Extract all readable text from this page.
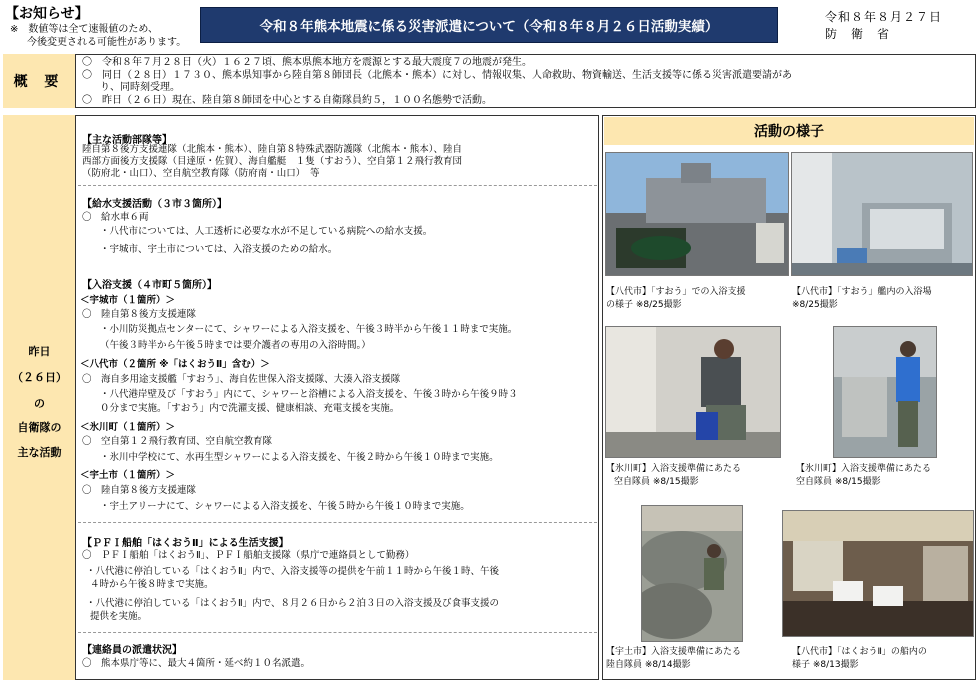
【お知らせ】
※　数値等は全て速報値のため、
今後変更される可能性があります。
令和８年熊本地震に係る災害派遣について（令和８年８月２６日活動実績）
令和８年８月２７日
防　衛　省
概 要
〇　令和８年７月２８日（火）１６２７頃、熊本県熊本地方を震源とする最大震度７の地震が発生。
〇　同日（２８日）１７３０、熊本県知事から陸自第８師団長（北熊本・熊本）に対し、情報収集、人命救助、物資輸送、生活支援等に係る災害派遣要請があ
り、同時刻受理。
〇　昨日（２６日）現在、陸自第８師団を中心とする自衛隊員約５，１００名態勢で活動。
昨日
（２６日）
の
自衛隊の
主な活動
【主な活動部隊等】
陸自第８後方支援連隊（北熊本・熊本）、陸自第８特殊武器防護隊（北熊本・熊本）、陸自
西部方面後方支援隊（目達原・佐賀）、海自艦艇　１隻（すおう）、空自第１２飛行教育団
（防府北・山口）、空自航空教育隊（防府南・山口）　等
【給水支援活動（３市３箇所）】
〇　給水車６両
・八代市については、人工透析に必要な水が不足している病院への給水支援。
・宇城市、宇土市については、入浴支援のための給水。
【入浴支援（４市町５箇所）】
＜宇城市（１箇所）＞
〇　陸自第８後方支援連隊
・小川防災拠点センターにて、シャワーによる入浴支援を、午後３時半から午後１１時まで実施。
（午後３時半から午後５時までは要介護者の専用の入浴時間。）
＜八代市（２箇所 ※「はくおうⅡ」含む）＞
〇　海自多用途支援艦「すおう」、海自佐世保入浴支援隊、大湊入浴支援隊
・八代港岸壁及び「すおう」内にて、シャワーと浴槽による入浴支援を、午後３時から午後９時３
０分まで実施。「すおう」内で洗濯支援、健康相談、充電支援を実施。
＜氷川町（１箇所）＞
〇　空自第１２飛行教育団、空自航空教育隊
・氷川中学校にて、水再生型シャワーによる入浴支援を、午後２時から午後１０時まで実施。
＜宇土市（１箇所）＞
〇　陸自第８後方支援連隊
・宇土アリーナにて、シャワーによる入浴支援を、午後５時から午後１０時まで実施。
【ＰＦＩ船舶「はくおうⅡ」による生活支援】
〇　ＰＦＩ船舶「はくおうⅡ」、ＰＦＩ船舶支援隊（県庁で連絡員として勤務）
・八代港に停泊している「はくおうⅡ」内で、入浴支援等の提供を午前１１時から午後１時、午後
４時から午後８時まで実施。
・八代港に停泊している「はくおうⅡ」内で、８月２６日から２泊３日の入浴支援及び食事支援の
提供を実施。
【連絡員の派遣状況】
〇　熊本県庁等に、最大４箇所・延べ約１０名派遣。
活動の様子
【八代市】「すおう」での入浴支援
の様子 ※8/25撮影
【八代市】「すおう」艦内の入浴場
※8/25撮影
【氷川町】入浴支援準備にあたる
空自隊員 ※8/15撮影
【氷川町】入浴支援準備にあたる
空自隊員 ※8/15撮影
【宇土市】入浴支援準備にあたる
陸自隊員 ※8/14撮影
【八代市】「はくおうⅡ」の船内の
様子 ※8/13撮影
